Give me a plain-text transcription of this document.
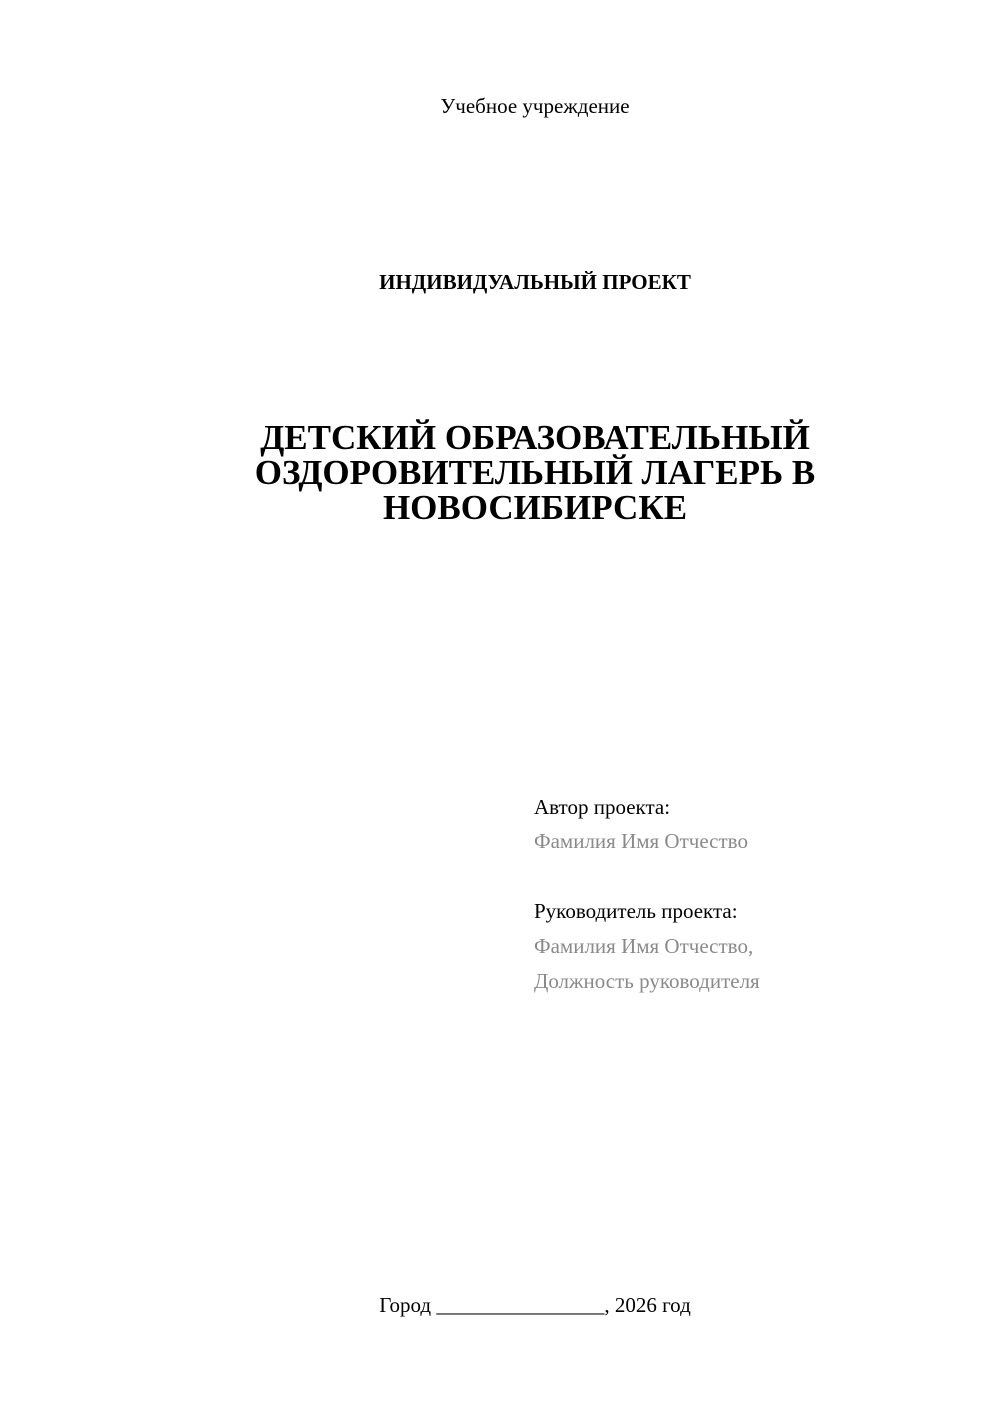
Учебное учреждение
ИНДИВИДУАЛЬНЫЙ ПРОЕКТ
ДЕТСКИЙ ОБРАЗОВАТЕЛЬНЫЙ
ОЗДОРОВИТЕЛЬНЫЙ ЛАГЕРЬ В
НОВОСИБИРСКЕ
Автор проекта:
Фамилия Имя Отчество
Руководитель проекта:
Фамилия Имя Отчество,
Должность руководителя
Город ________________, 2026 год
